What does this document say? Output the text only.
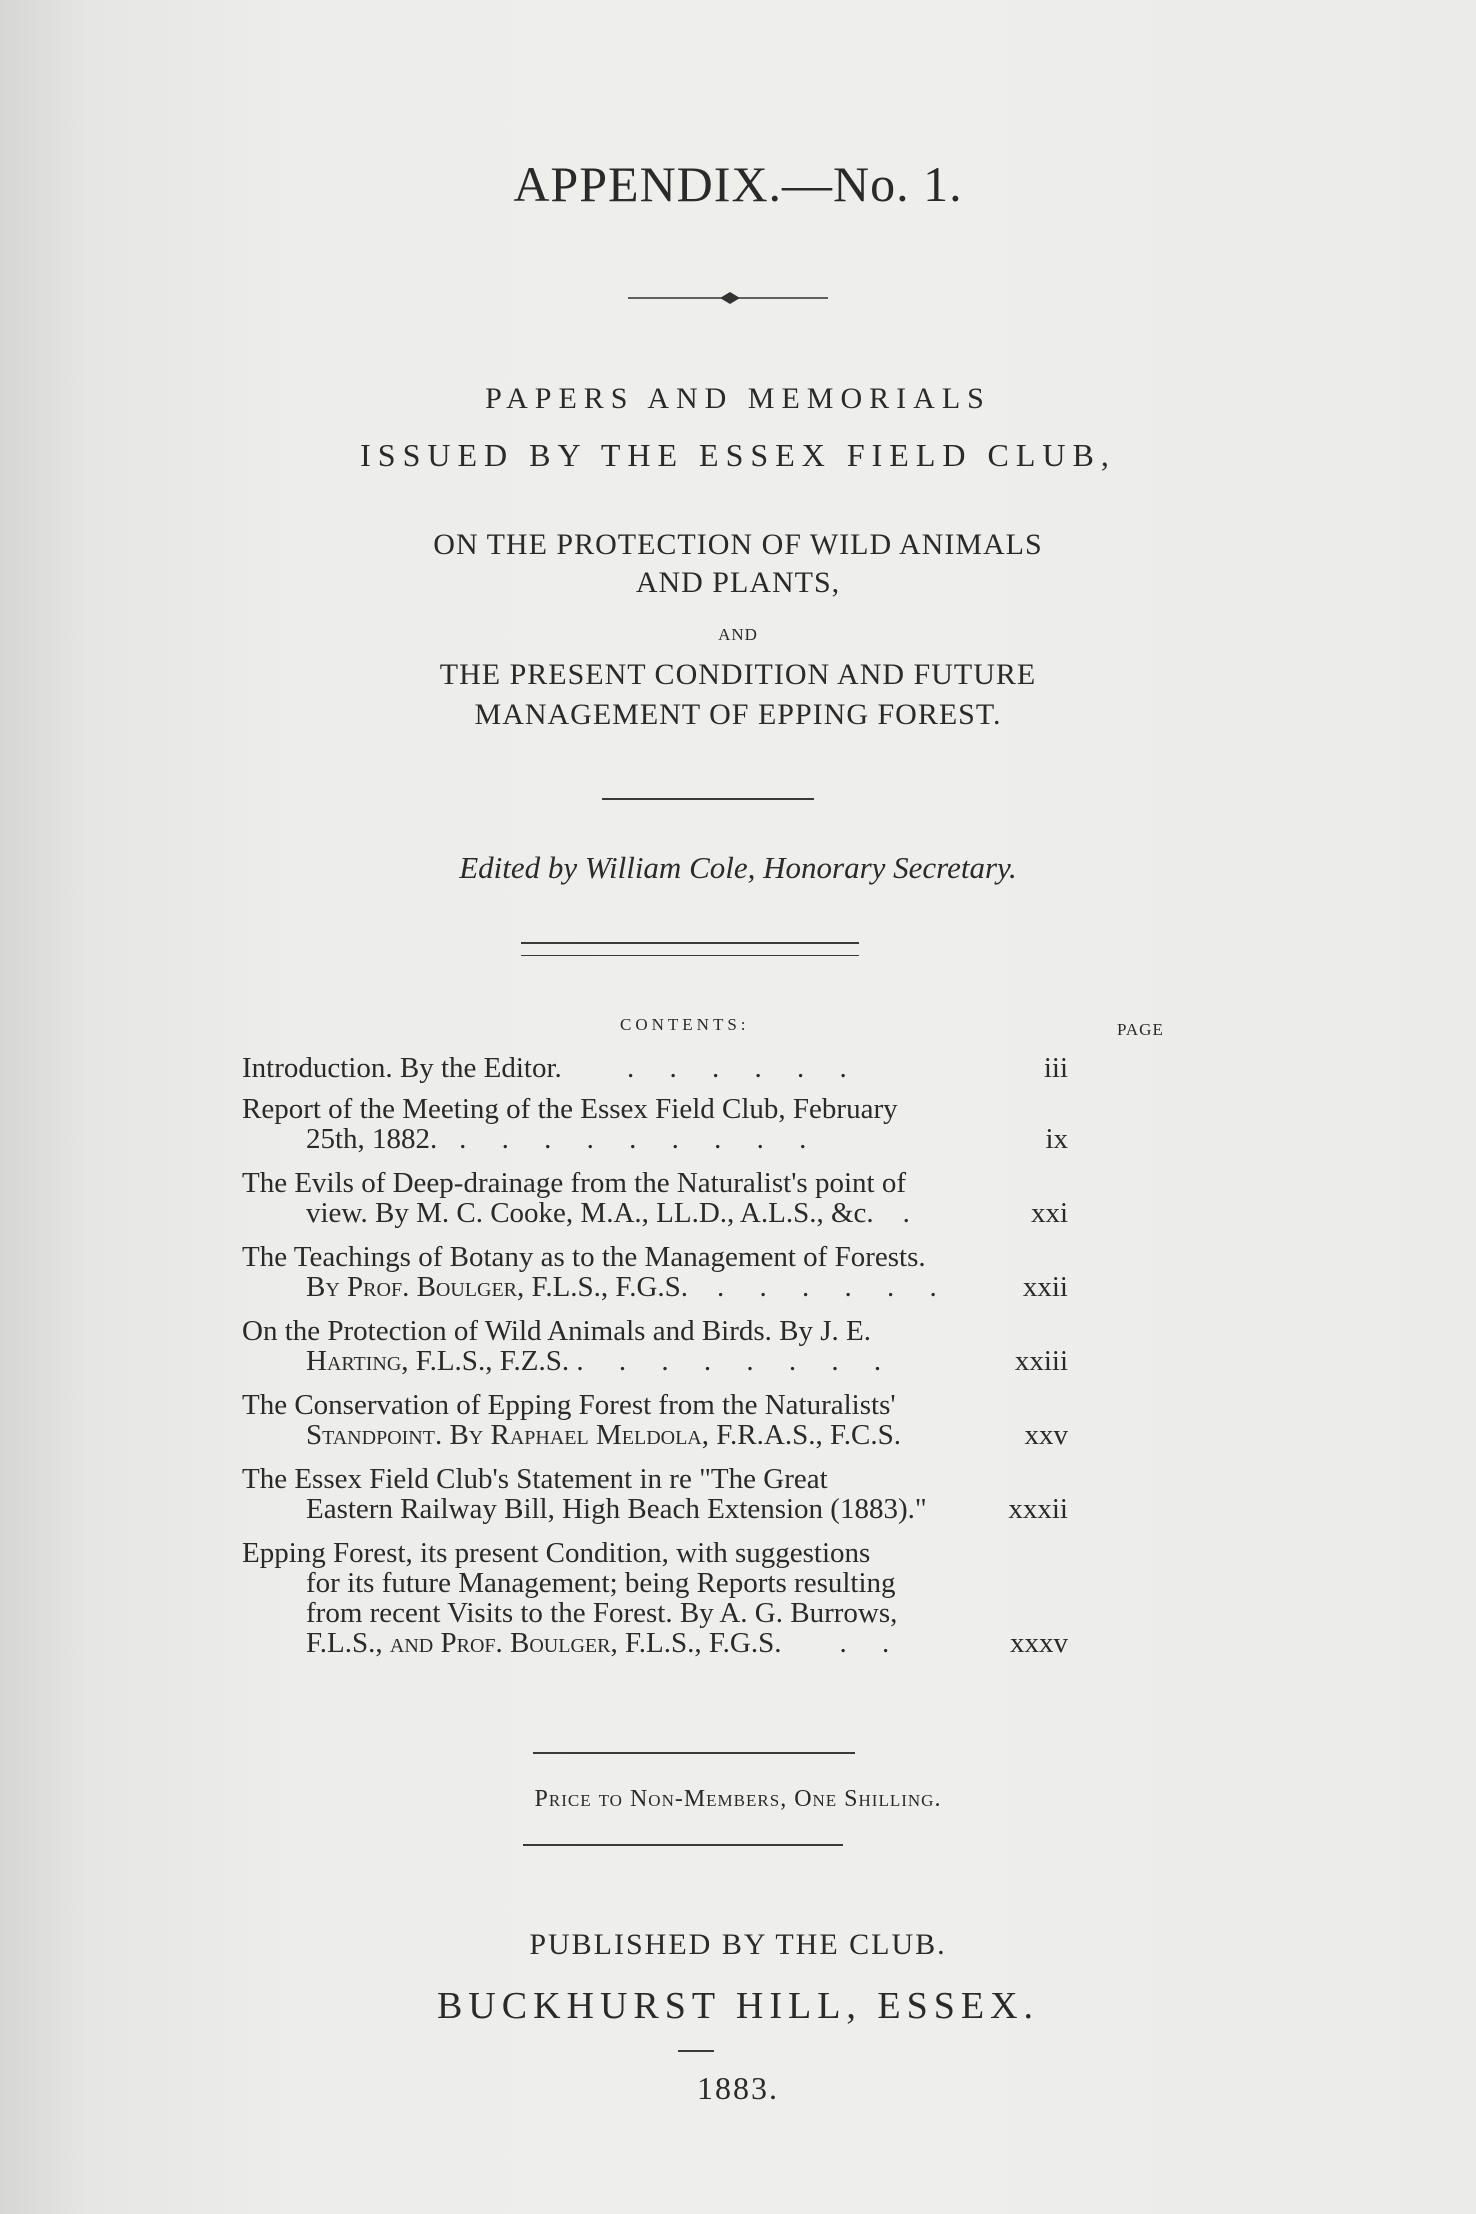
APPENDIX.—No. 1.
PAPERS AND MEMORIALS
ISSUED BY THE ESSEX FIELD CLUB,
ON THE PROTECTION OF WILD ANIMALS
AND PLANTS,
AND
THE PRESENT CONDITION AND FUTURE
MANAGEMENT OF EPPING FOREST.
Edited by William Cole, Honorary Secretary.
CONTENTS:	PAGE
Introduction. By the Editor. . . . . . .	iii
Report of the Meeting of the Essex Field Club, February
25th, 1882. . . . . . . . . .	ix
The Evils of Deep-drainage from the Naturalist's point of
view. By M. C. Cooke, M.A., LL.D., A.L.S., &c. .	xxi
The Teachings of Botany as to the Management of Forests.
By Prof. Boulger, F.L.S., F.G.S. . . . . . .	xxii
On the Protection of Wild Animals and Birds. By J. E.
Harting, F.L.S., F.Z.S. . . . . . . . .	xxiii
The Conservation of Epping Forest from the Naturalists'
Standpoint. By Raphael Meldola, F.R.A.S., F.C.S.	xxv
The Essex Field Club's Statement in re "The Great
Eastern Railway Bill, High Beach Extension (1883)."	xxxii
Epping Forest, its present Condition, with suggestions
for its future Management; being Reports resulting
from recent Visits to the Forest. By A. G. Burrows,
F.L.S., and Prof. Boulger, F.L.S., F.G.S. . .	xxxv
Price to Non-Members, One Shilling.
PUBLISHED BY THE CLUB.
BUCKHURST HILL, ESSEX.
1883.
